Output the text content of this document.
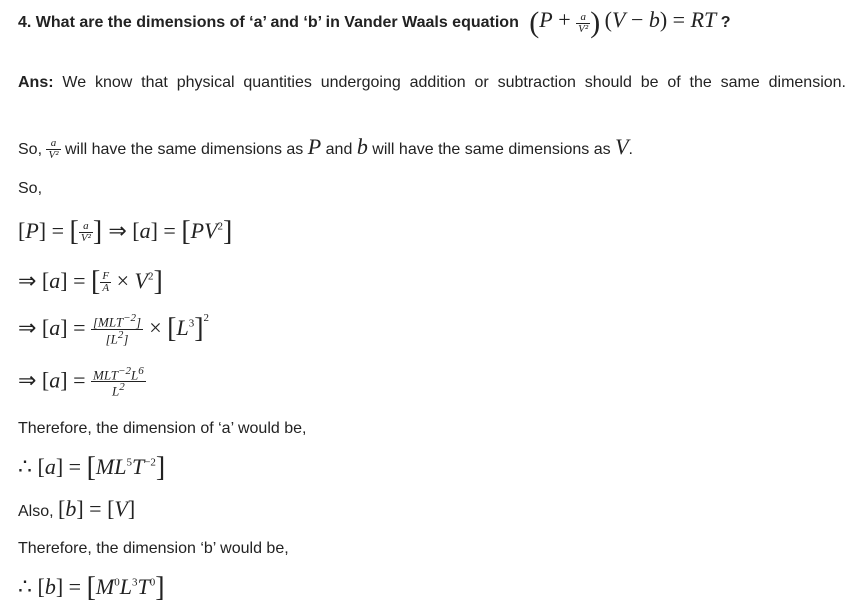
4. What are the dimensions of ‘a’ and ‘b’ in Vander Waals equation ($P + \frac{a}{\text{V²}}$ ) (V − b) = RT ?
Ans: We know that physical quantities undergoing addition or subtraction should be of the same dimension.
So, $\frac{a}{\text{V²}}$ will have the same dimensions as P and b will have the same dimensions as V.
So,
[P] = [ $\frac{a}{\text{V²}}$ ] ⇒ $[a] = [PV^2]$
⇒ [a] = [ $\frac{F}{A} \times V^2$]
⇒ $[a] = \frac{[MLT^{-2}]}{[L^2]} \times [L^3]^2$
⇒ $[a] = \frac{MLT^{-2}L^6}{L^2}$
Therefore, the dimension of ‘a’ would be,
∴ $[a] = [ML^5T^{-2}]$
Also, [b] = [V]
Therefore, the dimension ‘b’ would be,
∴ $[b] = [M^0L^3T^0]$
